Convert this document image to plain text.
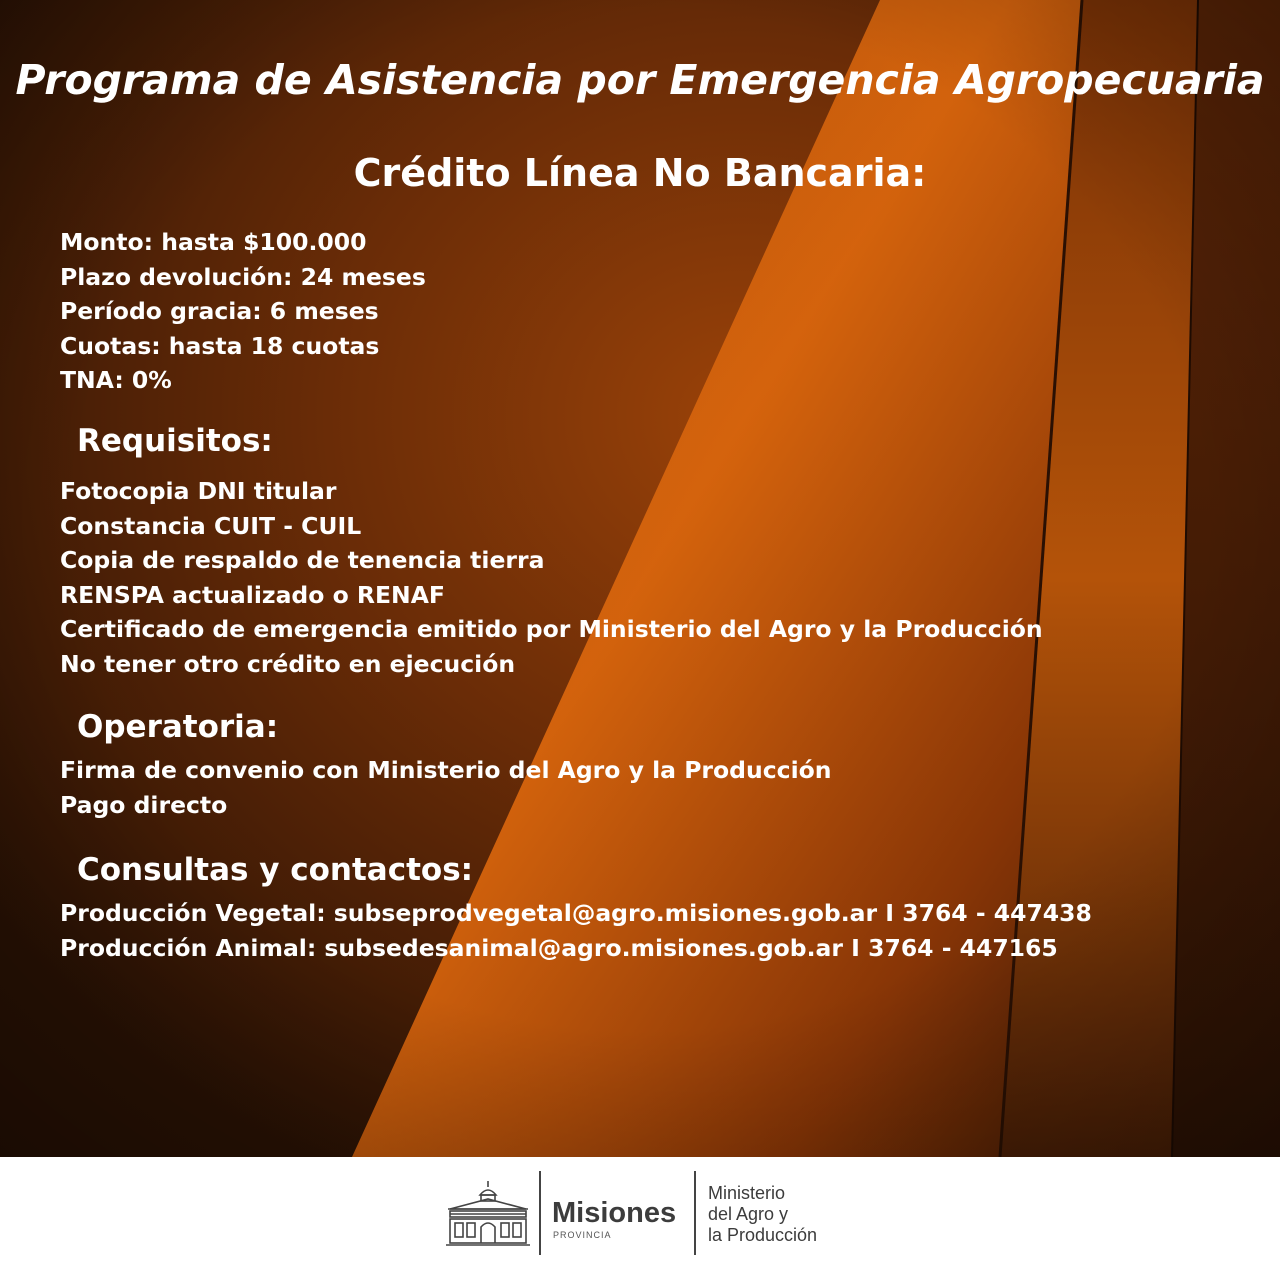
Programa de Asistencia por Emergencia Agropecuaria
Crédito Línea No Bancaria:
Monto: hasta $100.000
Plazo devolución: 24 meses
Período gracia: 6 meses
Cuotas: hasta 18 cuotas
TNA: 0%
Requisitos:
Fotocopia DNI titular
Constancia CUIT - CUIL
Copia de respaldo de tenencia tierra
RENSPA actualizado o RENAF
Certificado de emergencia emitido por Ministerio del Agro y la Producción
No tener otro crédito en ejecución
Operatoria:
Firma de convenio con Ministerio del Agro y la Producción
Pago directo
Consultas y contactos:
Producción Vegetal: subseprodvegetal@agro.misiones.gob.ar I 3764 - 447438
Producción Animal: subsedesanimal@agro.misiones.gob.ar I 3764 - 447165
Misiones
PROVINCIA
Ministerio
del Agro y
la Producción
